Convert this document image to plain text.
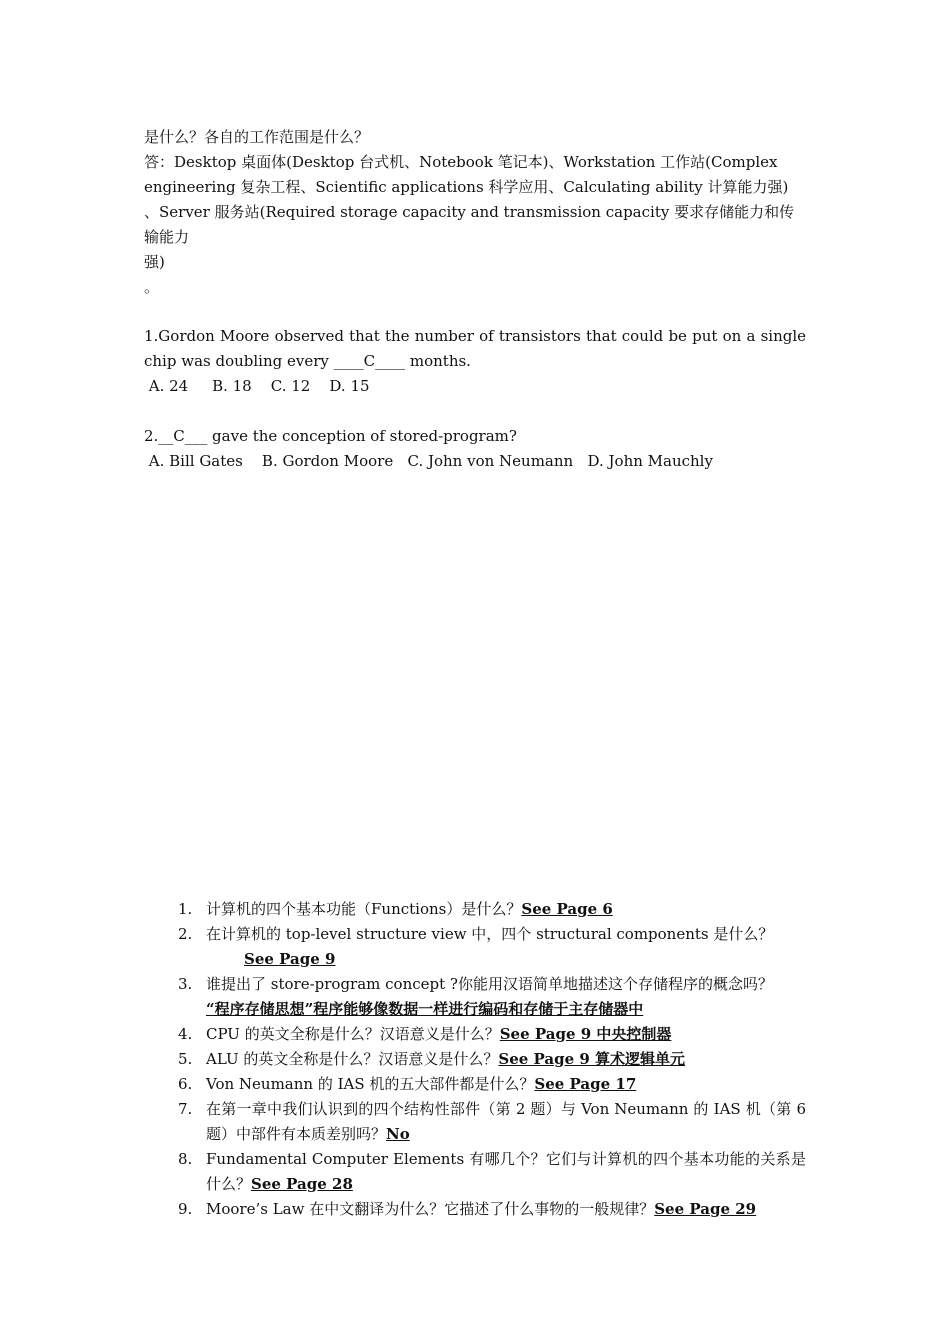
是什么？各自的工作范围是什么？

答：Desktop 桌面体(Desktop 台式机、Notebook 笔记本)、Workstation 工作站(Complex

engineering 复杂工程、Scientific applications 科学应用、Calculating ability 计算能力强)

、Server 服务站(Required storage capacity and transmission capacity 要求存储能力和传输能力

强)

。

1.Gordon Moore observed that the number of transistors that could be put on a single chip was doubling every ____C____ months.

A. 24     B. 18    C. 12    D. 15

2.__C___ gave the conception of stored-program?

A. Bill Gates    B. Gordon Moore   C. John von Neumann   D. John Mauchly

1. 计算机的四个基本功能（Functions）是什么？See Page 6
2. 在计算机的 top-level structure view 中，四个 structural components 是什么？
See Page 9
3. 谁提出了 store-program concept ?你能用汉语简单地描述这个存储程序的概念吗？
“程序存储思想”程序能够像数据一样进行编码和存储于主存储器中
4. CPU 的英文全称是什么？汉语意义是什么？See Page 9 中央控制器
5. ALU 的英文全称是什么？汉语意义是什么？See Page 9 算术逻辑单元
6. Von Neumann 的 IAS 机的五大部件都是什么？See Page 17
7. 在第一章中我们认识到的四个结构性部件（第 2 题）与 Von Neumann 的 IAS 机（第 6 题）中部件有本质差别吗？No
8. Fundamental Computer Elements 有哪几个？它们与计算机的四个基本功能的关系是什么？See Page 28
9. Moore’s Law 在中文翻译为什么？它描述了什么事物的一般规律？See Page 29
